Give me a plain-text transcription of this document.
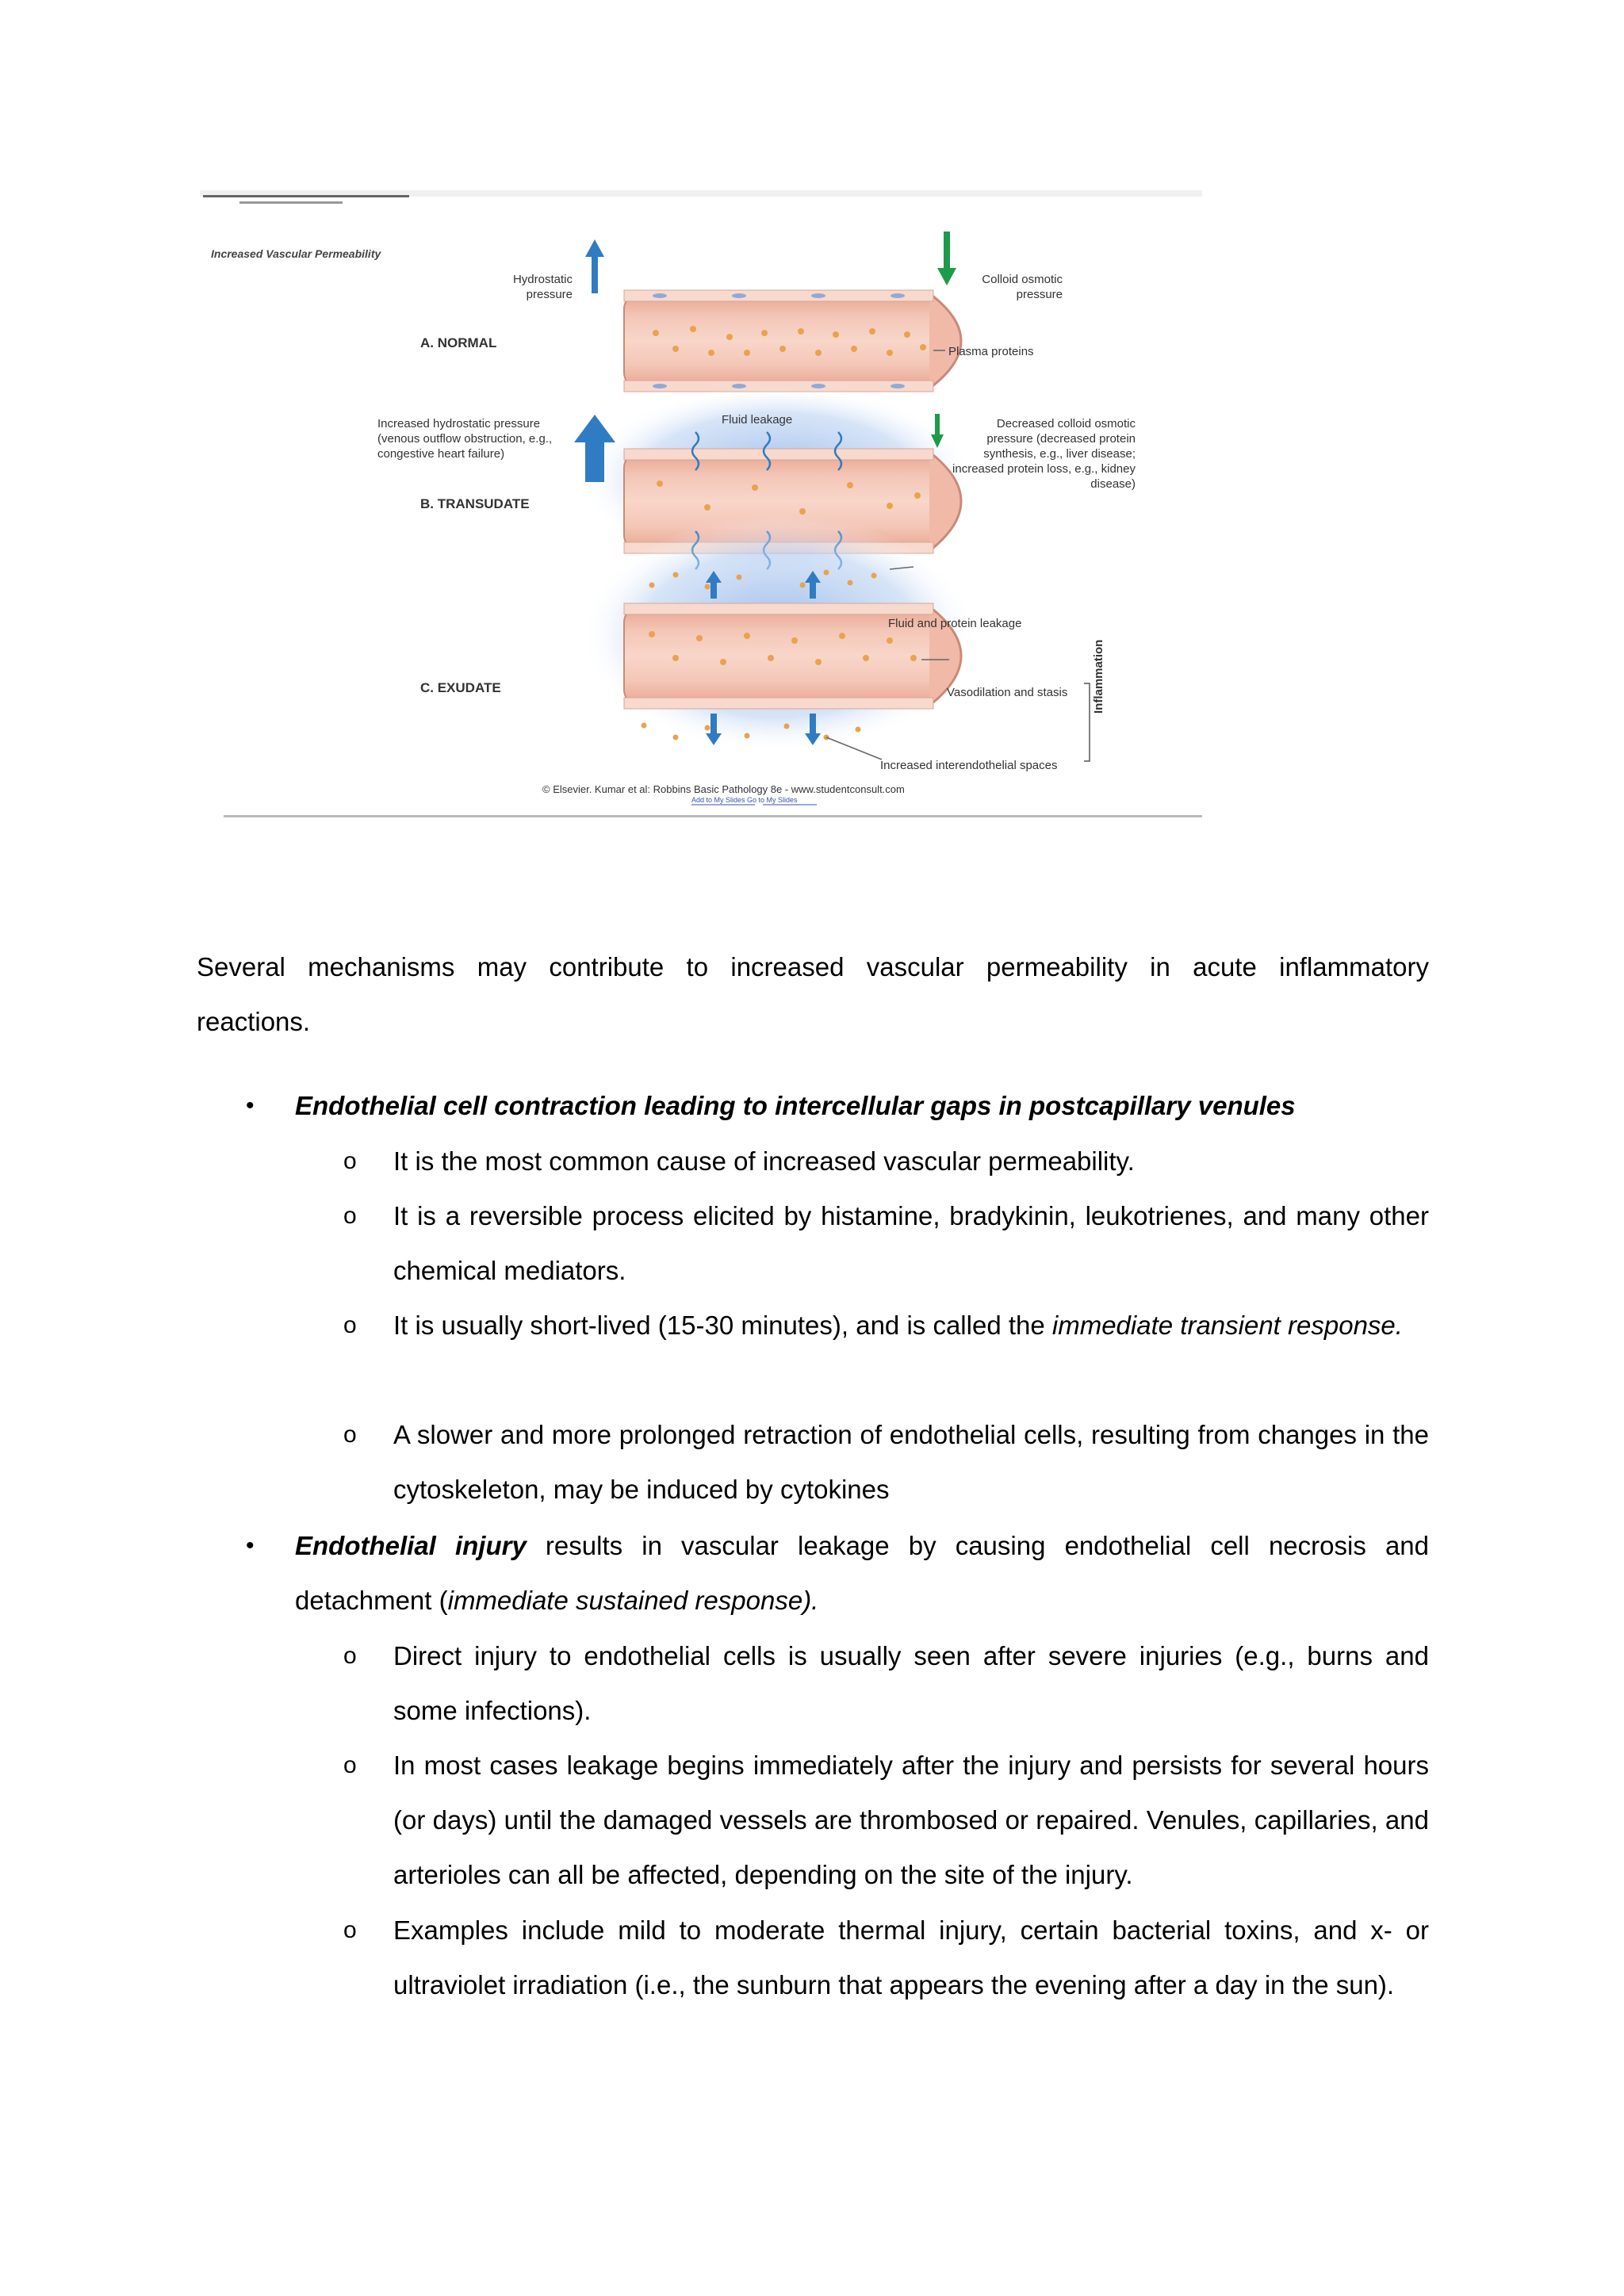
Increased Vascular Permeability
Hydrostatic pressure
Colloid osmotic pressure
A. NORMAL
Plasma proteins
Increased hydrostatic pressure (venous outflow obstruction, e.g., congestive heart failure)
Fluid leakage	Decreased colloid osmotic pressure (decreased protein synthesis, e.g., liver disease; increased protein loss, e.g., kidney disease)
B. TRANSUDATE
Fluid and protein leakage
C. EXUDATE	Vasodilation and stasis
Increased interendothelial spaces
Inflammation
© Elsevier. Kumar et al: Robbins Basic Pathology 8e - www.studentconsult.com
Add to My Slides Go to My Slides
Several mechanisms may contribute to increased vascular permeability in acute inflammatory
reactions.
• Endothelial cell contraction leading to intercellular gaps in postcapillary venules
o It is the most common cause of increased vascular permeability.
o It is a reversible process elicited by histamine, bradykinin, leukotrienes, and many other chemical mediators.
o It is usually short-lived (15-30 minutes), and is called the immediate transient response.
o A slower and more prolonged retraction of endothelial cells, resulting from changes in the cytoskeleton, may be induced by cytokines
• Endothelial injury results in vascular leakage by causing endothelial cell necrosis and detachment (immediate sustained response).
o Direct injury to endothelial cells is usually seen after severe injuries (e.g., burns and some infections).
o In most cases leakage begins immediately after the injury and persists for several hours (or days) until the damaged vessels are thrombosed or repaired. Venules, capillaries, and arterioles can all be affected, depending on the site of the injury.
o Examples include mild to moderate thermal injury, certain bacterial toxins, and x- or ultraviolet irradiation (i.e., the sunburn that appears the evening after a day in the sun).
